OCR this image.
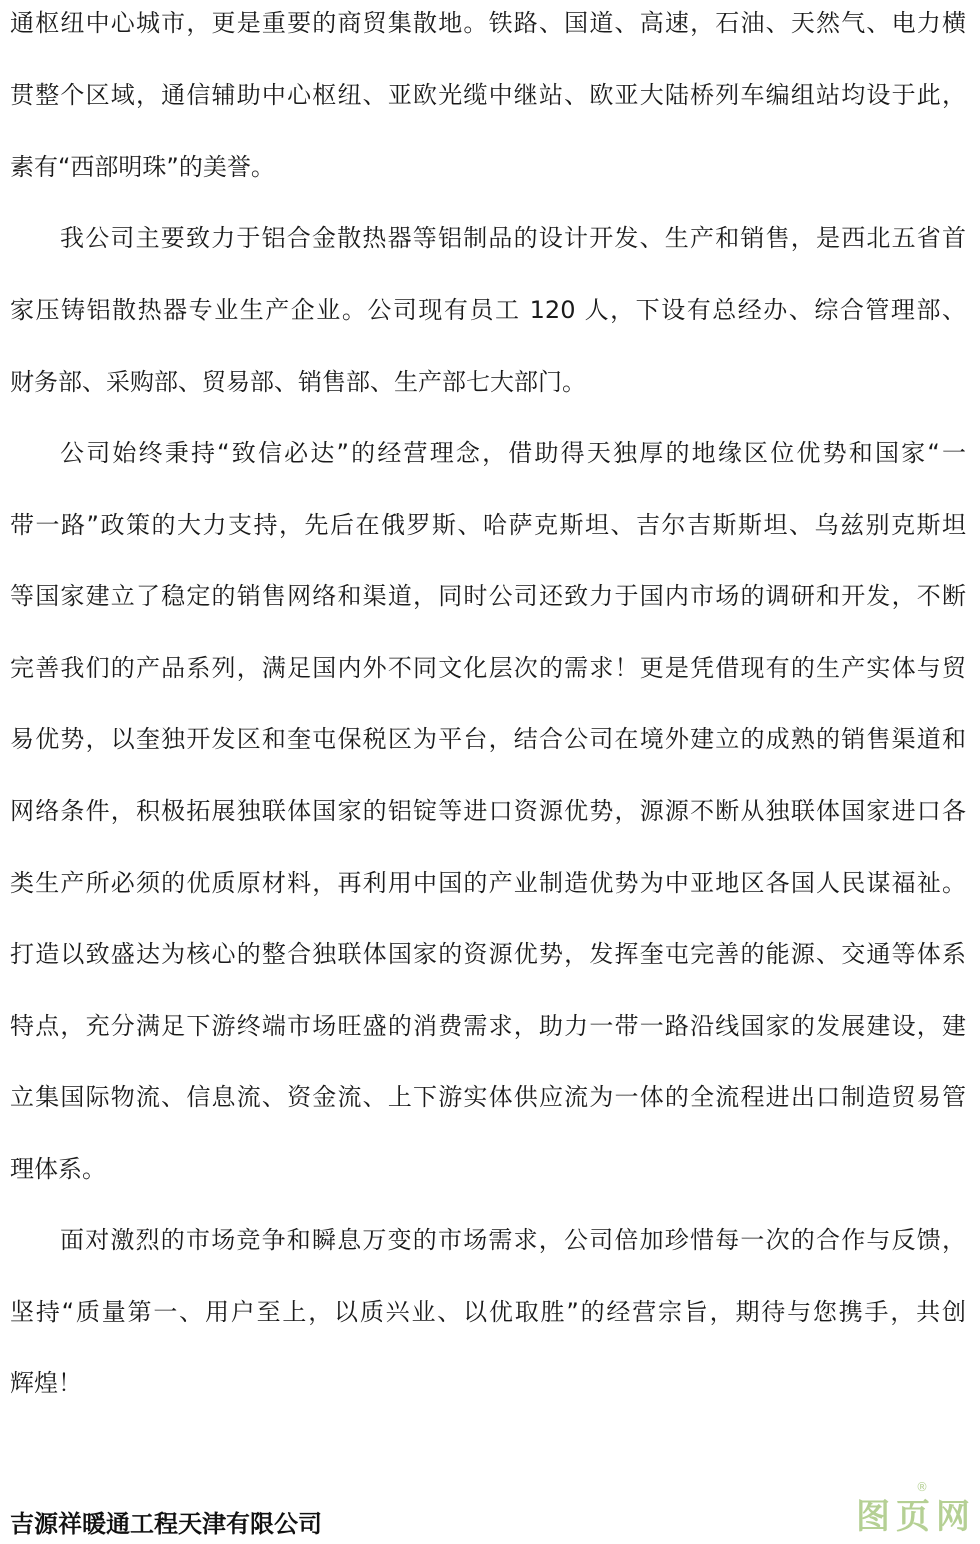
通枢纽中心城市，更是重要的商贸集散地。铁路、国道、高速，石油、天然气、电力横
贯整个区域，通信辅助中心枢纽、亚欧光缆中继站、欧亚大陆桥列车编组站均设于此，
素有“西部明珠”的美誉。
我公司主要致力于铝合金散热器等铝制品的设计开发、生产和销售，是西北五省首
家压铸铝散热器专业生产企业。公司现有员工 120 人，下设有总经办、综合管理部、
财务部、采购部、贸易部、销售部、生产部七大部门。
公司始终秉持“致信必达”的经营理念，借助得天独厚的地缘区位优势和国家“一
带一路”政策的大力支持，先后在俄罗斯、哈萨克斯坦、吉尔吉斯斯坦、乌兹别克斯坦
等国家建立了稳定的销售网络和渠道，同时公司还致力于国内市场的调研和开发，不断
完善我们的产品系列，满足国内外不同文化层次的需求！更是凭借现有的生产实体与贸
易优势，以奎独开发区和奎屯保税区为平台，结合公司在境外建立的成熟的销售渠道和
网络条件，积极拓展独联体国家的铝锭等进口资源优势，源源不断从独联体国家进口各
类生产所必须的优质原材料，再利用中国的产业制造优势为中亚地区各国人民谋福祉。
打造以致盛达为核心的整合独联体国家的资源优势，发挥奎屯完善的能源、交通等体系
特点，充分满足下游终端市场旺盛的消费需求，助力一带一路沿线国家的发展建设，建
立集国际物流、信息流、资金流、上下游实体供应流为一体的全流程进出口制造贸易管
理体系。
面对激烈的市场竞争和瞬息万变的市场需求，公司倍加珍惜每一次的合作与反馈，
坚持“质量第一、用户至上，以质兴业、以优取胜”的经营宗旨，期待与您携手，共创
辉煌！
吉源祥暖通工程天津有限公司	图页网
®
